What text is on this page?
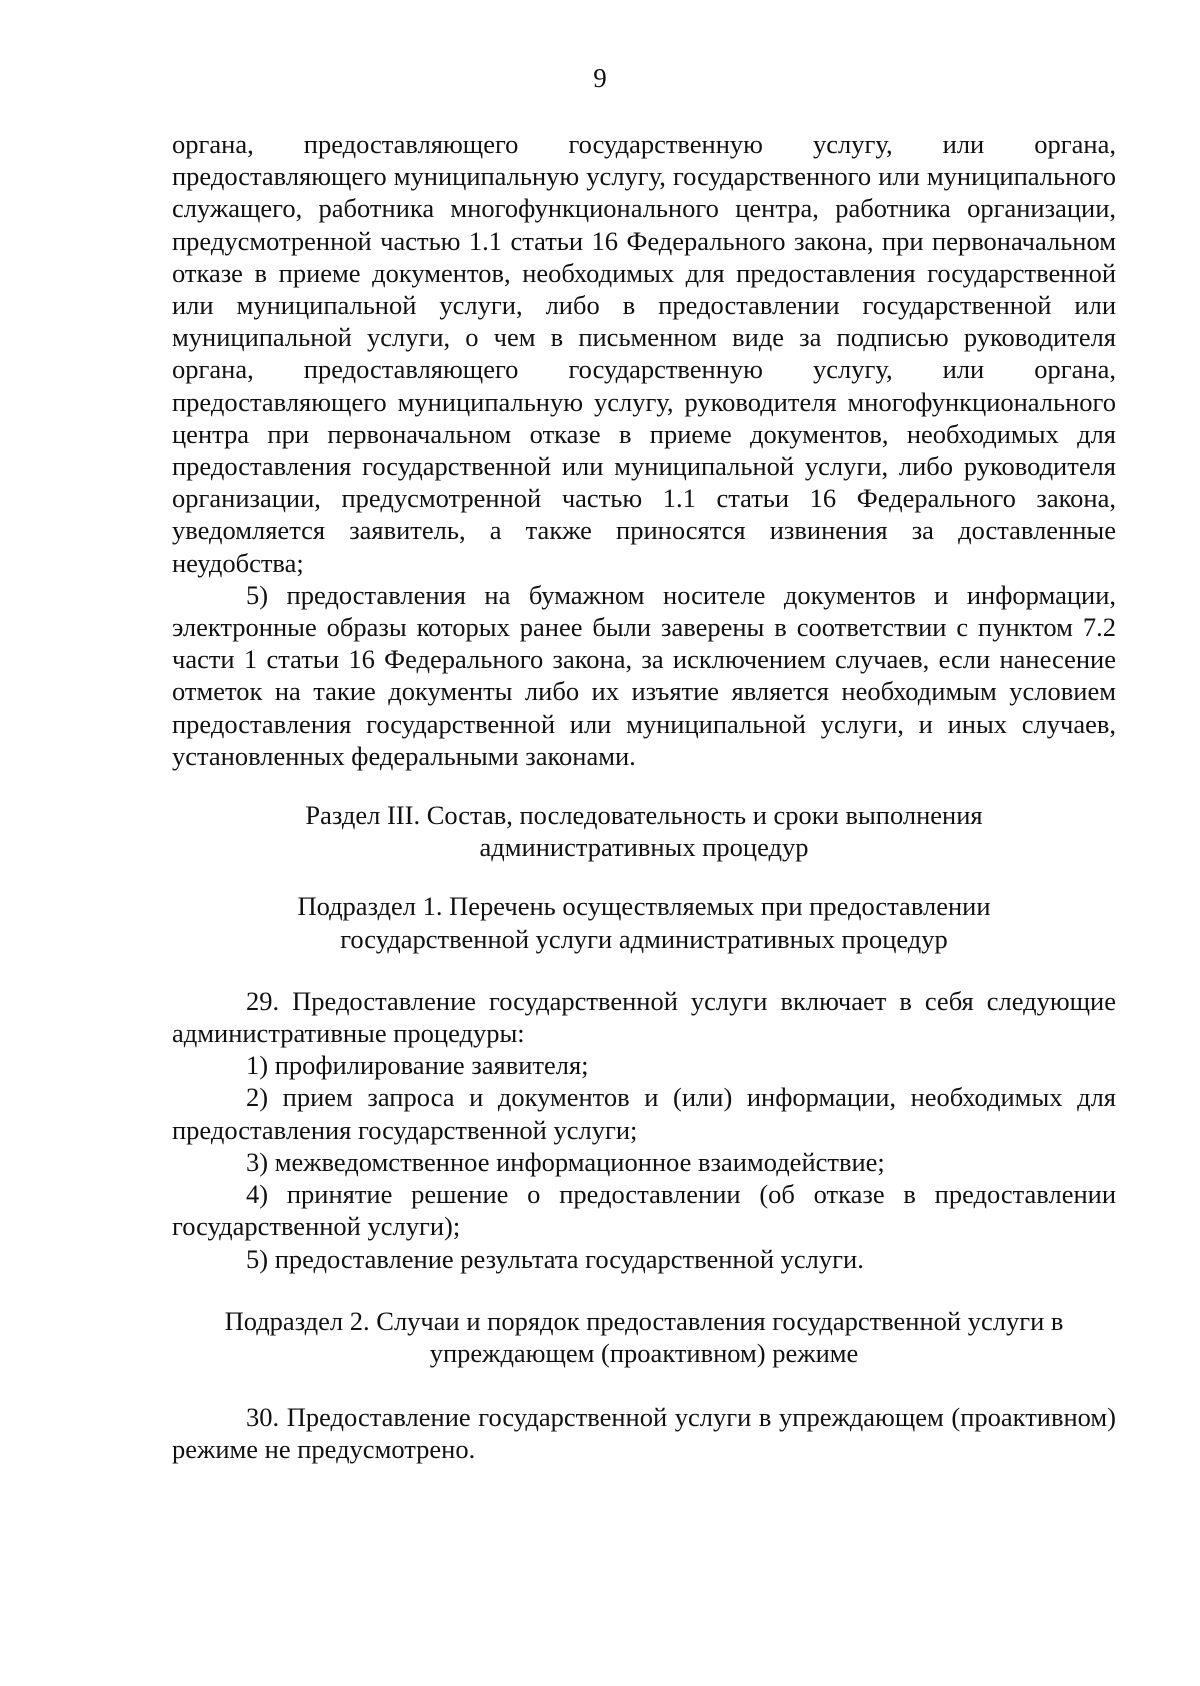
9

органа, предоставляющего государственную услугу, или органа, предоставляющего муниципальную услугу, государственного или муниципального служащего, работника многофункционального центра, работника организации, предусмотренной частью 1.1 статьи 16 Федерального закона, при первоначальном отказе в приеме документов, необходимых для предоставления государственной или муниципальной услуги, либо в предоставлении государственной или муниципальной услуги, о чем в письменном виде за подписью руководителя органа, предоставляющего государственную услугу, или органа, предоставляющего муниципальную услугу, руководителя многофункционального центра при первоначальном отказе в приеме документов, необходимых для предоставления государственной или муниципальной услуги, либо руководителя организации, предусмотренной частью 1.1 статьи 16 Федерального закона, уведомляется заявитель, а также приносятся извинения за доставленные неудобства;

5) предоставления на бумажном носителе документов и информации, электронные образы которых ранее были заверены в соответствии с пунктом 7.2 части 1 статьи 16 Федерального закона, за исключением случаев, если нанесение отметок на такие документы либо их изъятие является необходимым условием предоставления государственной или муниципальной услуги, и иных случаев, установленных федеральными законами.

Раздел III. Состав, последовательность и сроки выполнения
административных процедур
Подраздел 1. Перечень осуществляемых при предоставлении
государственной услуги административных процедур

29. Предоставление государственной услуги включает в себя следующие административные процедуры:

1) профилирование заявителя;

2) прием запроса и документов и (или) информации, необходимых для предоставления государственной услуги;

3) межведомственное информационное взаимодействие;

4) принятие решение о предоставлении (об отказе в предоставлении государственной услуги);

5) предоставление результата государственной услуги.

Подраздел 2. Случаи и порядок предоставления государственной услуги в
упреждающем (проактивном) режиме

30. Предоставление государственной услуги в упреждающем (проактивном) режиме не предусмотрено.
